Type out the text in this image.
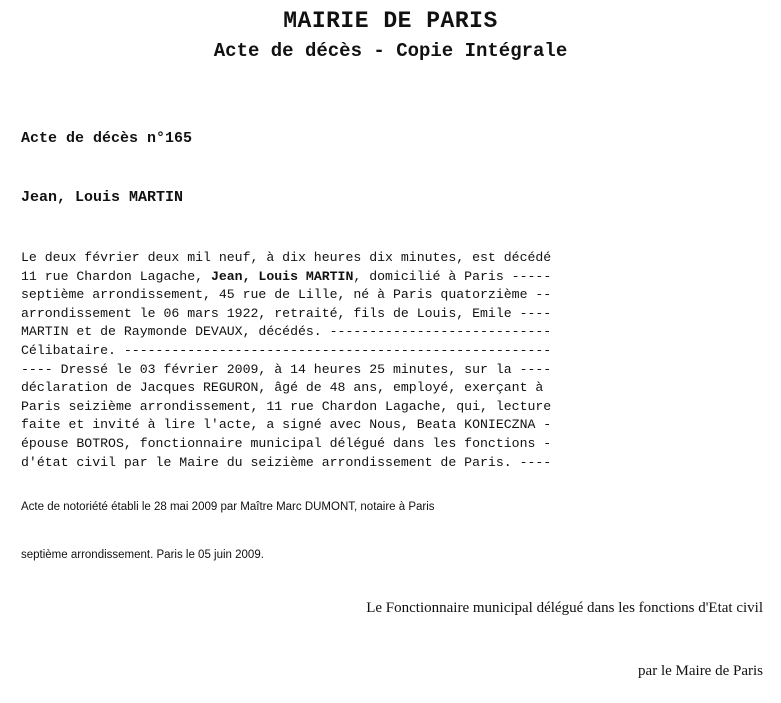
MAIRIE DE PARIS
Acte de décès - Copie Intégrale
Acte de décès n°165
Jean, Louis MARTIN
Le deux février deux mil neuf, à dix heures dix minutes, est décédé
11 rue Chardon Lagache, Jean, Louis MARTIN, domicilié à Paris -----
septième arrondissement, 45 rue de Lille, né à Paris quatorzième --
arrondissement le 06 mars 1922, retraité, fils de Louis, Emile ----
MARTIN et de Raymonde DEVAUX, décédés. ----------------------------
Célibataire. ------------------------------------------------------
---- Dressé le 03 février 2009, à 14 heures 25 minutes, sur la ----
déclaration de Jacques REGURON, âgé de 48 ans, employé, exerçant à
Paris seizième arrondissement, 11 rue Chardon Lagache, qui, lecture
faite et invité à lire l'acte, a signé avec Nous, Beata KONIECZNA -
épouse BOTROS, fonctionnaire municipal délégué dans les fonctions -
d'état civil par le Maire du seizième arrondissement de Paris. ----

Acte de notoriété établi le 28 mai 2009 par Maître Marc DUMONT, notaire à Paris

septième arrondissement. Paris le 05 juin 2009.

Le Fonctionnaire municipal délégué dans les fonctions d'Etat civil

par le Maire de Paris
